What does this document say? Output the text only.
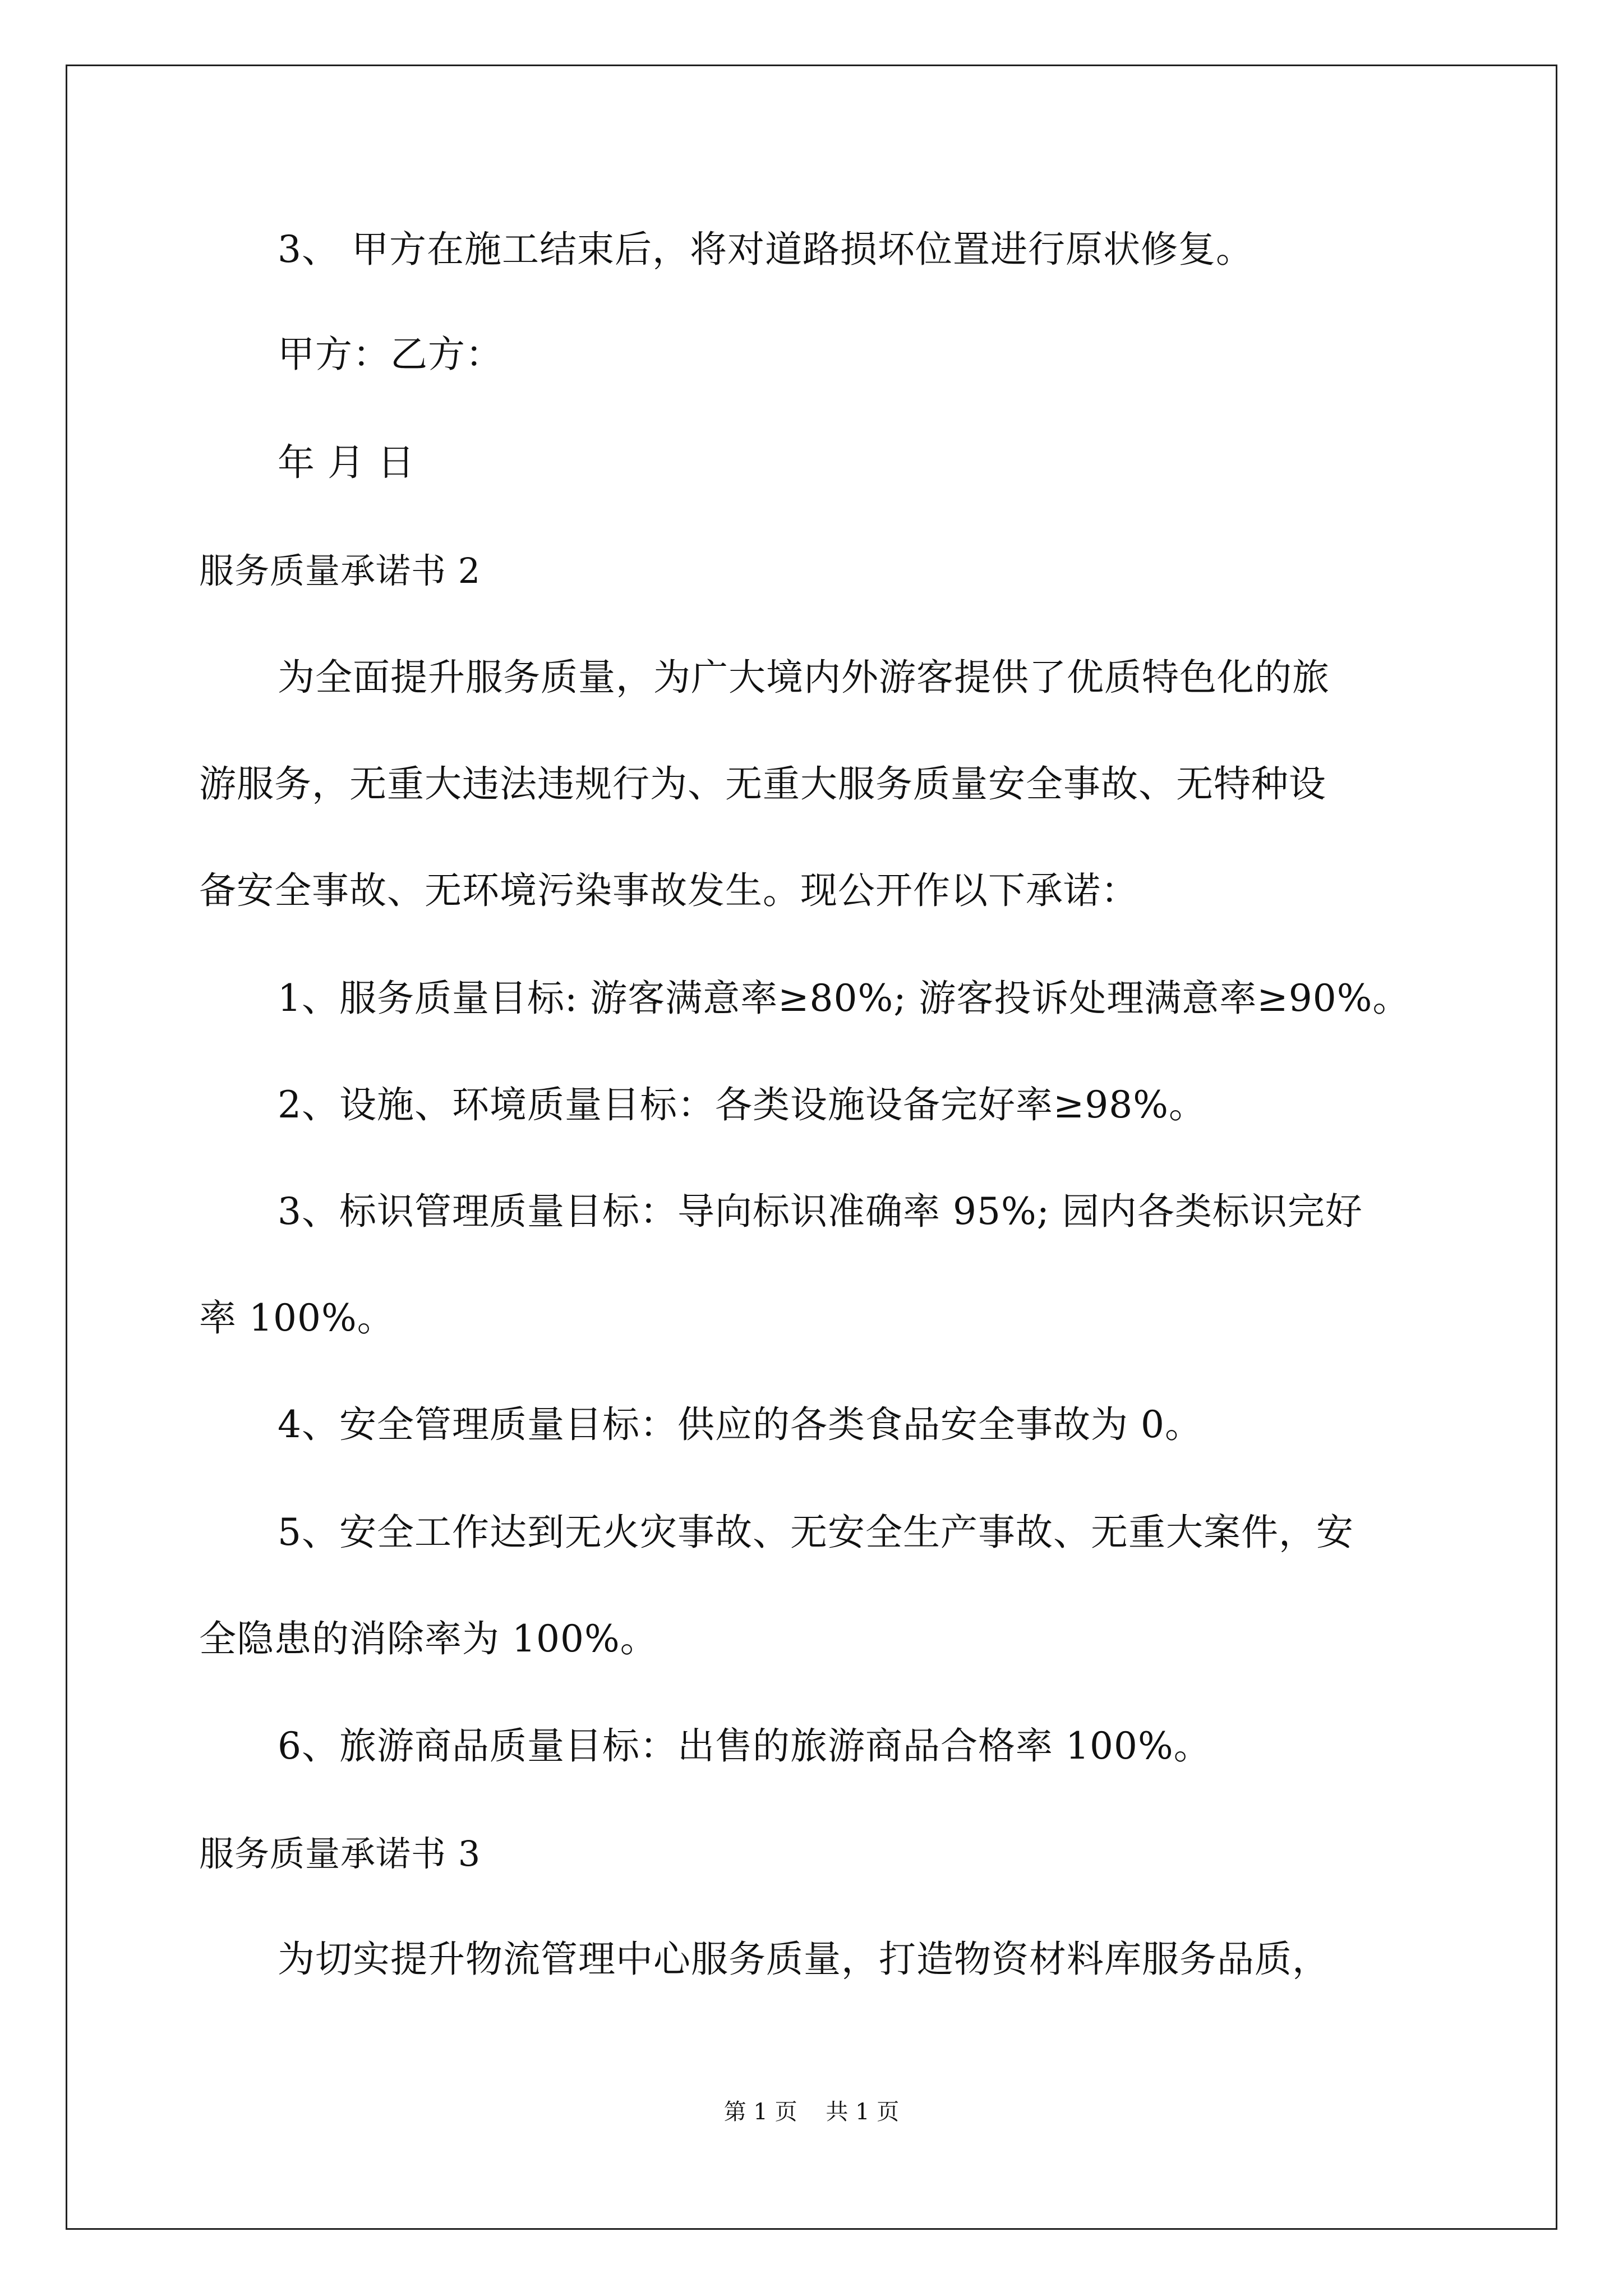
3、 甲方在施工结束后，将对道路损坏位置进行原状修复。
甲方：乙方：
年 月 日
服务质量承诺书 2
为全面提升服务质量，为广大境内外游客提供了优质特色化的旅
游服务，无重大违法违规行为、无重大服务质量安全事故、无特种设
备安全事故、无环境污染事故发生。现公开作以下承诺：
1、服务质量目标: 游客满意率≥80%; 游客投诉处理满意率≥90%。
2、设施、环境质量目标：各类设施设备完好率≥98%。
3、标识管理质量目标：导向标识准确率 95%; 园内各类标识完好
率 100%。
4、安全管理质量目标：供应的各类食品安全事故为 0。
5、安全工作达到无火灾事故、无安全生产事故、无重大案件，安
全隐患的消除率为 100%。
6、旅游商品质量目标：出售的旅游商品合格率 100%。
服务质量承诺书 3
为切实提升物流管理中心服务质量，打造物资材料库服务品质，
第 1 页    共 1 页
